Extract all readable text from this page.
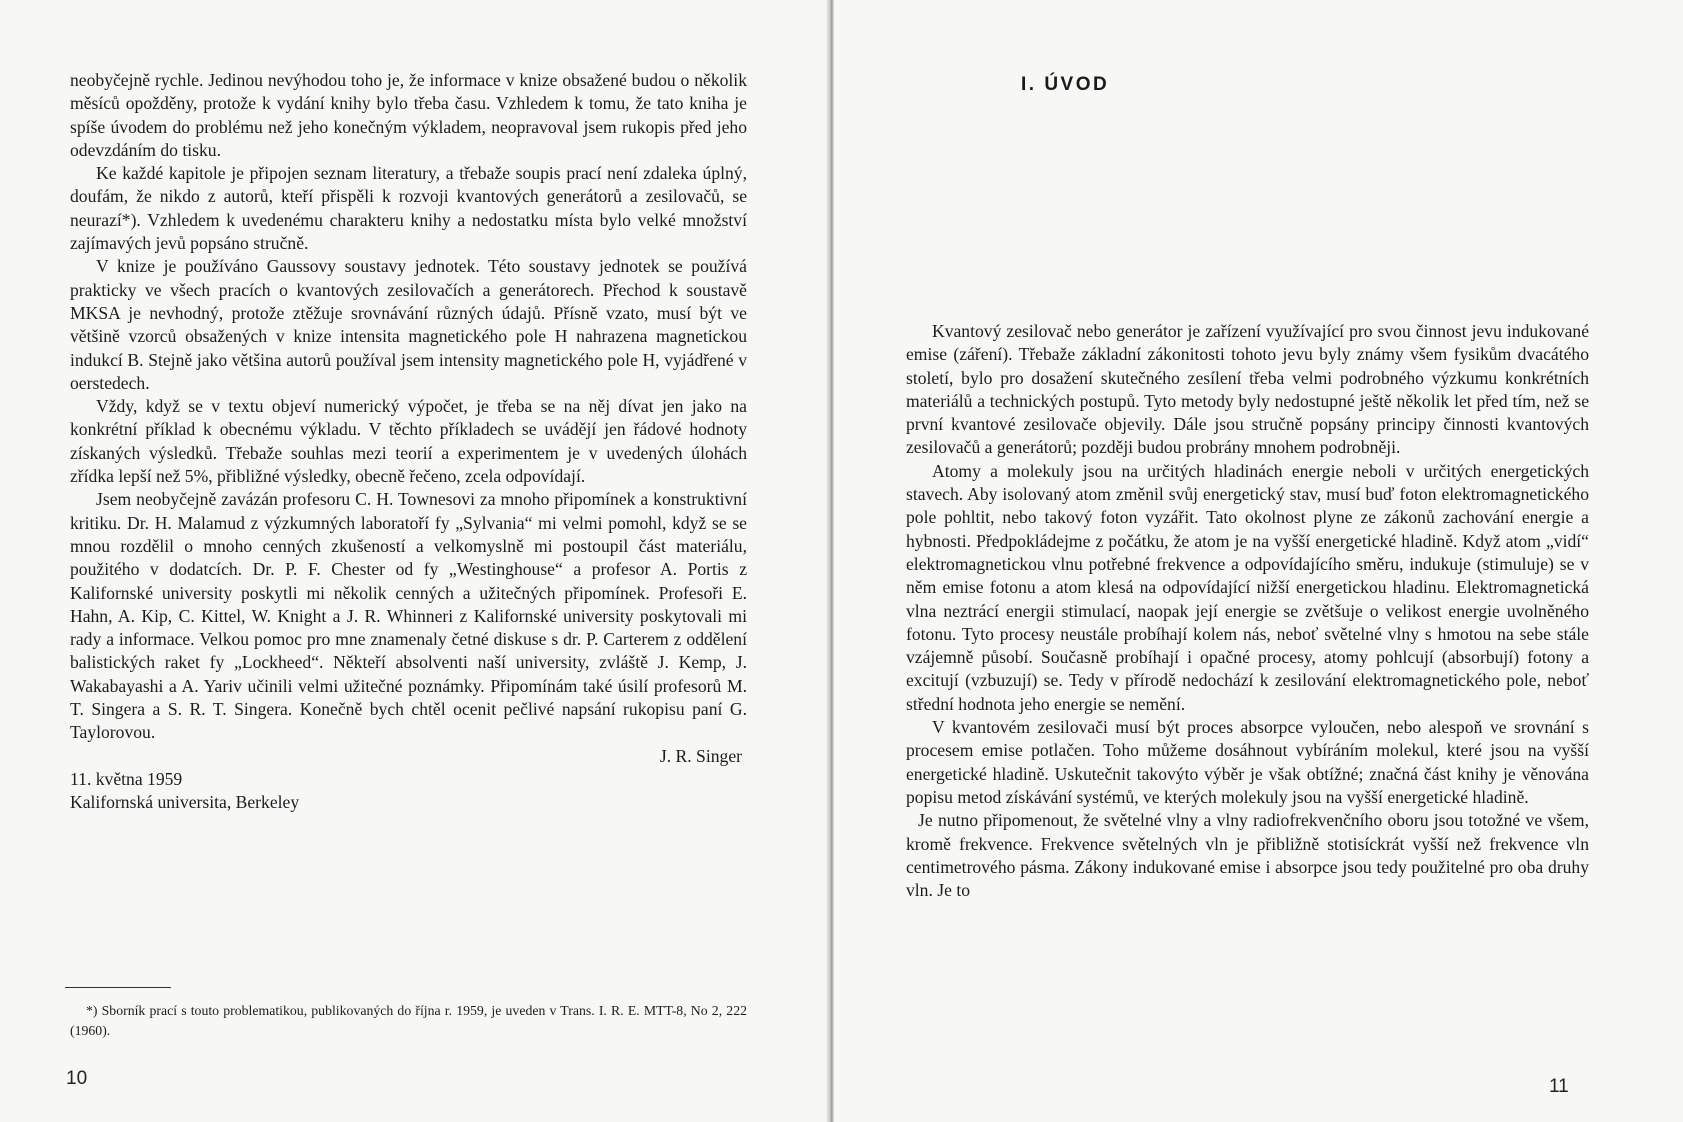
neobyčejně rychle. Jedinou nevýhodou toho je, že informace v knize obsažené budou o několik měsíců opožděny, protože k vydání knihy bylo třeba času. Vzhledem k tomu, že tato kniha je spíše úvodem do problému než jeho konečným výkladem, neopravoval jsem rukopis před jeho odevzdáním do tisku.

Ke každé kapitole je připojen seznam literatury, a třebaže soupis prací není zdaleka úplný, doufám, že nikdo z autorů, kteří přispěli k rozvoji kvantových generátorů a zesilovačů, se neurazí*). Vzhledem k uvedenému charakteru knihy a nedostatku místa bylo velké množství zajímavých jevů popsáno stručně.

V knize je používáno Gaussovy soustavy jednotek. Této soustavy jednotek se používá prakticky ve všech pracích o kvantových zesilovačích a generátorech. Přechod k soustavě MKSA je nevhodný, protože ztěžuje srovnávání různých údajů. Přísně vzato, musí být ve většině vzorců obsažených v knize intensita magnetického pole H nahrazena magnetickou indukcí B. Stejně jako většina autorů používal jsem intensity magnetického pole H, vyjádřené v oerstedech.

Vždy, když se v textu objeví numerický výpočet, je třeba se na něj dívat jen jako na konkrétní příklad k obecnému výkladu. V těchto příkladech se uvádějí jen řádové hodnoty získaných výsledků. Třebaže souhlas mezi teorií a experimentem je v uvedených úlohách zřídka lepší než 5%, přibližné výsledky, obecně řečeno, zcela odpovídají.

Jsem neobyčejně zavázán profesoru C. H. Townesovi za mnoho připomínek a konstruktivní kritiku. Dr. H. Malamud z výzkumných laboratoří fy „Sylvania“ mi velmi pomohl, když se se mnou rozdělil o mnoho cenných zkušeností a velkomyslně mi postoupil část materiálu, použitého v dodatcích. Dr. P. F. Chester od fy „Westinghouse“ a profesor A. Portis z Kalifornské university poskytli mi několik cenných a užitečných připomínek. Profesoři E. Hahn, A. Kip, C. Kittel, W. Knight a J. R. Whinneri z Kalifornské university poskytovali mi rady a informace. Velkou pomoc pro mne znamenaly četné diskuse s dr. P. Carterem z oddělení balistických raket fy „Lockheed“. Někteří absolventi naší university, zvláště J. Kemp, J. Wakabayashi a A. Yariv učinili velmi užitečné poznámky. Připomínám také úsilí profesorů M. T. Singera a S. R. T. Singera. Konečně bych chtěl ocenit pečlivé napsání rukopisu paní G. Taylorovou.

J. R. Singer

11. května 1959

Kalifornská universita, Berkeley

*) Sborník prací s touto problematikou, publikovaných do října r. 1959, je uveden v Trans. I. R. E. MTT-8, No 2, 222 (1960).
10
I. ÚVOD

Kvantový zesilovač nebo generátor je zařízení využívající pro svou činnost jevu indukované emise (záření). Třebaže základní zákonitosti tohoto jevu byly známy všem fysikům dvacátého století, bylo pro dosažení skutečného zesílení třeba velmi podrobného výzkumu konkrétních materiálů a technických postupů. Tyto metody byly nedostupné ještě několik let před tím, než se první kvantové zesilovače objevily. Dále jsou stručně popsány principy činnosti kvantových zesilovačů a generátorů; později budou probrány mnohem podrobněji.

Atomy a molekuly jsou na určitých hladinách energie neboli v určitých energetických stavech. Aby isolovaný atom změnil svůj energetický stav, musí buď foton elektromagnetického pole pohltit, nebo takový foton vyzářit. Tato okolnost plyne ze zákonů zachování energie a hybnosti. Předpokládejme z počátku, že atom je na vyšší energetické hladině. Když atom „vidí“ elektromagnetickou vlnu potřebné frekvence a odpovídajícího směru, indukuje (stimuluje) se v něm emise fotonu a atom klesá na odpovídající nižší energetickou hladinu. Elektromagnetická vlna neztrácí energii stimulací, naopak její energie se zvětšuje o velikost energie uvolněného fotonu. Tyto procesy neustále probíhají kolem nás, neboť světelné vlny s hmotou na sebe stále vzájemně působí. Současně probíhají i opačné procesy, atomy pohlcují (absorbují) fotony a excitují (vzbuzují) se. Tedy v přírodě nedochází k zesilování elektromagnetického pole, neboť střední hodnota jeho energie se nemění.

V kvantovém zesilovači musí být proces absorpce vyloučen, nebo alespoň ve srovnání s procesem emise potlačen. Toho můžeme dosáhnout vybíráním molekul, které jsou na vyšší energetické hladině. Uskutečnit takovýto výběr je však obtížné; značná část knihy je věnována popisu metod získávání systémů, ve kterých molekuly jsou na vyšší energetické hladině.

Je nutno připomenout, že světelné vlny a vlny radiofrekvenčního oboru jsou totožné ve všem, kromě frekvence. Frekvence světelných vln je přibližně stotisíckrát vyšší než frekvence vln centimetrového pásma. Zákony indukované emise i absorpce jsou tedy použitelné pro oba druhy vln. Je to

11
